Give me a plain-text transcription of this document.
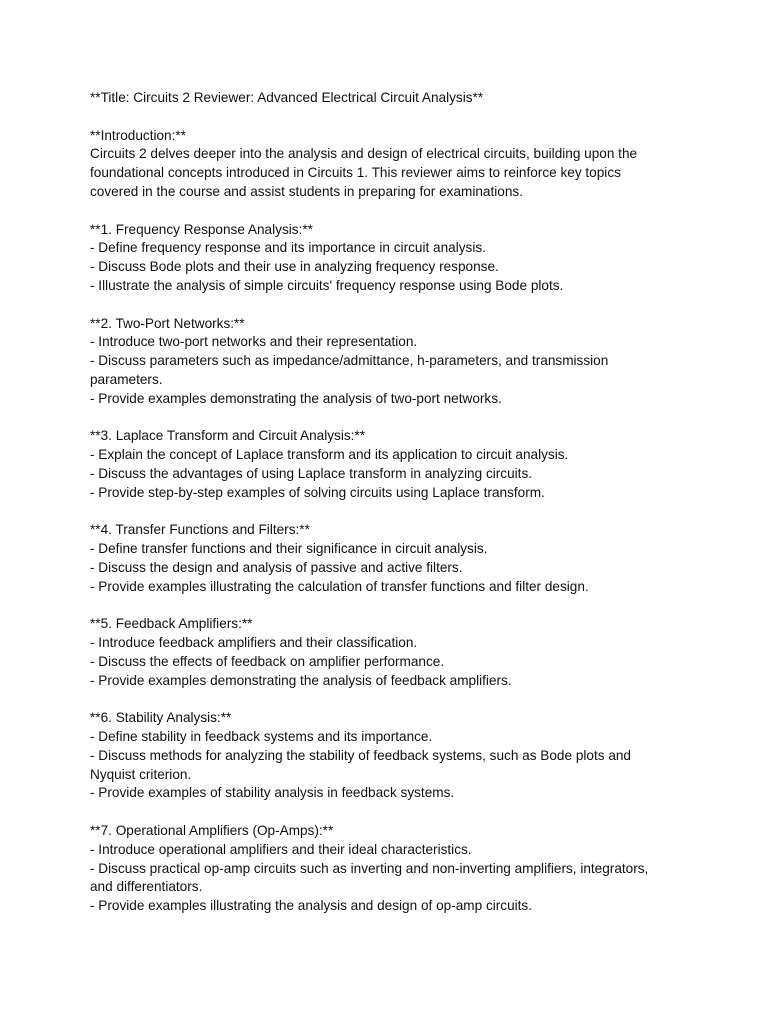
**Title: Circuits 2 Reviewer: Advanced Electrical Circuit Analysis**
**Introduction:**
Circuits 2 delves deeper into the analysis and design of electrical circuits, building upon the
foundational concepts introduced in Circuits 1. This reviewer aims to reinforce key topics
covered in the course and assist students in preparing for examinations.
**1. Frequency Response Analysis:**
- Define frequency response and its importance in circuit analysis.
- Discuss Bode plots and their use in analyzing frequency response.
- Illustrate the analysis of simple circuits' frequency response using Bode plots.
**2. Two-Port Networks:**
- Introduce two-port networks and their representation.
- Discuss parameters such as impedance/admittance, h-parameters, and transmission
parameters.
- Provide examples demonstrating the analysis of two-port networks.
**3. Laplace Transform and Circuit Analysis:**
- Explain the concept of Laplace transform and its application to circuit analysis.
- Discuss the advantages of using Laplace transform in analyzing circuits.
- Provide step-by-step examples of solving circuits using Laplace transform.
**4. Transfer Functions and Filters:**
- Define transfer functions and their significance in circuit analysis.
- Discuss the design and analysis of passive and active filters.
- Provide examples illustrating the calculation of transfer functions and filter design.
**5. Feedback Amplifiers:**
- Introduce feedback amplifiers and their classification.
- Discuss the effects of feedback on amplifier performance.
- Provide examples demonstrating the analysis of feedback amplifiers.
**6. Stability Analysis:**
- Define stability in feedback systems and its importance.
- Discuss methods for analyzing the stability of feedback systems, such as Bode plots and
Nyquist criterion.
- Provide examples of stability analysis in feedback systems.
**7. Operational Amplifiers (Op-Amps):**
- Introduce operational amplifiers and their ideal characteristics.
- Discuss practical op-amp circuits such as inverting and non-inverting amplifiers, integrators,
and differentiators.
- Provide examples illustrating the analysis and design of op-amp circuits.
